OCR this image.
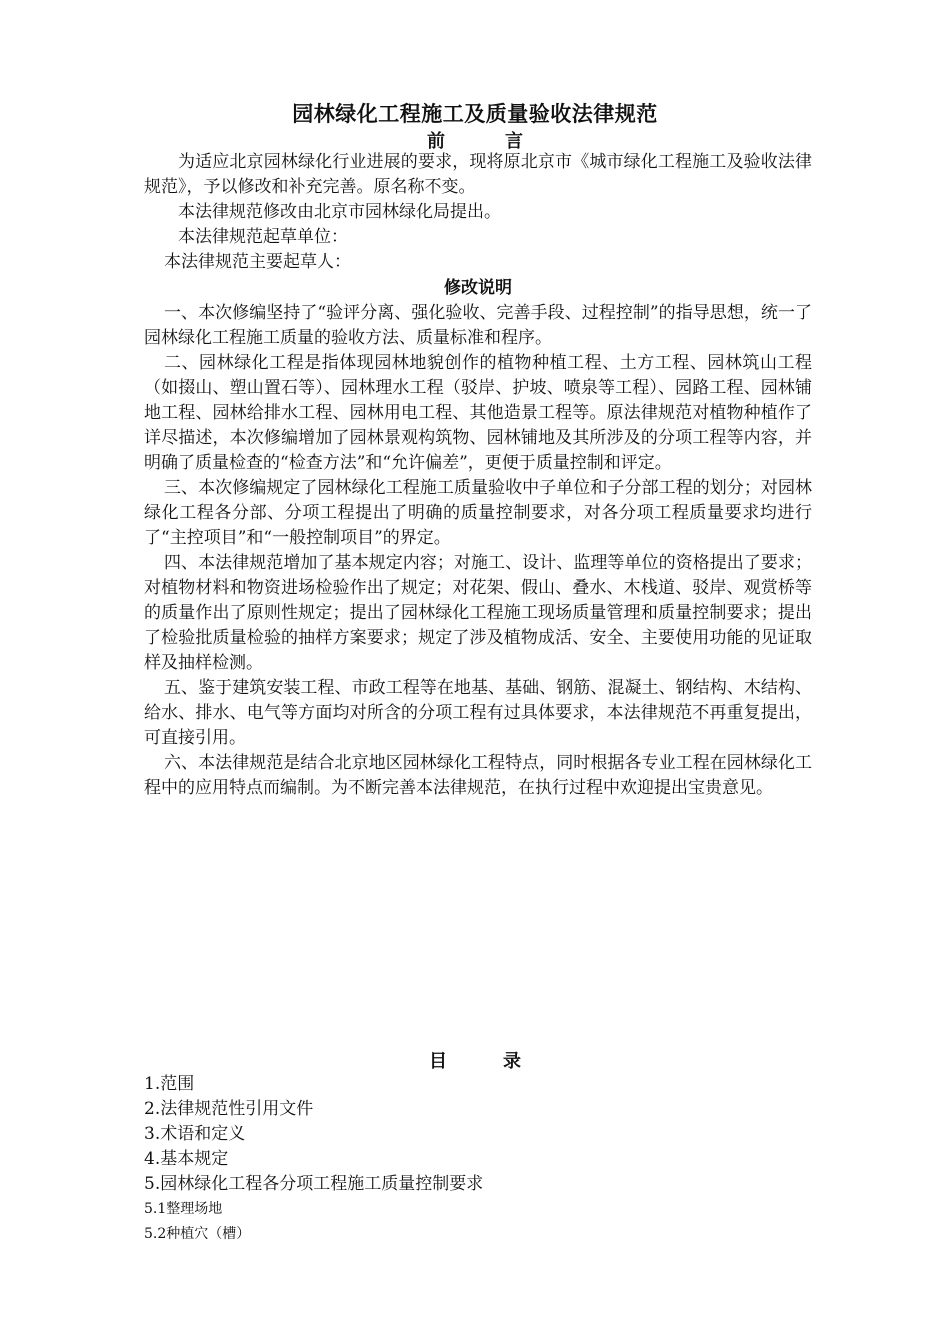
园林绿化工程施工及质量验收法律规范
前	言

为适应北京园林绿化行业进展的要求，现将原北京市《城市绿化工程施工及验收法律规范》，予以修改和补充完善。原名称不变。

本法律规范修改由北京市园林绿化局提出。

本法律规范起草单位：

本法律规范主要起草人：

修改说明

一、本次修编坚持了“验评分离、强化验收、完善手段、过程控制”的指导思想，统一了园林绿化工程施工质量的验收方法、质量标准和程序。

二、园林绿化工程是指体现园林地貌创作的植物种植工程、土方工程、园林筑山工程（如掇山、塑山置石等）、园林理水工程（驳岸、护坡、喷泉等工程）、园路工程、园林铺地工程、园林给排水工程、园林用电工程、其他造景工程等。原法律规范对植物种植作了详尽描述，本次修编增加了园林景观构筑物、园林铺地及其所涉及的分项工程等内容，并明确了质量检查的“检查方法”和“允许偏差”，更便于质量控制和评定。

三、本次修编规定了园林绿化工程施工质量验收中子单位和子分部工程的划分；对园林绿化工程各分部、分项工程提出了明确的质量控制要求，对各分项工程质量要求均进行了“主控项目”和“一般控制项目”的界定。

四、本法律规范增加了基本规定内容；对施工、设计、监理等单位的资格提出了要求；对植物材料和物资进场检验作出了规定；对花架、假山、叠水、木栈道、驳岸、观赏桥等的质量作出了原则性规定；提出了园林绿化工程施工现场质量管理和质量控制要求；提出了检验批质量检验的抽样方案要求；规定了涉及植物成活、安全、主要使用功能的见证取样及抽样检测。

五、鉴于建筑安装工程、市政工程等在地基、基础、钢筋、混凝土、钢结构、木结构、给水、排水、电气等方面均对所含的分项工程有过具体要求，本法律规范不再重复提出，可直接引用。

六、本法律规范是结合北京地区园林绿化工程特点，同时根据各专业工程在园林绿化工程中的应用特点而编制。为不断完善本法律规范，在执行过程中欢迎提出宝贵意见。

目	录
1.范围
2.法律规范性引用文件
3.术语和定义
4.基本规定
5.园林绿化工程各分项工程施工质量控制要求
5.1整理场地
5.2种植穴（槽）
